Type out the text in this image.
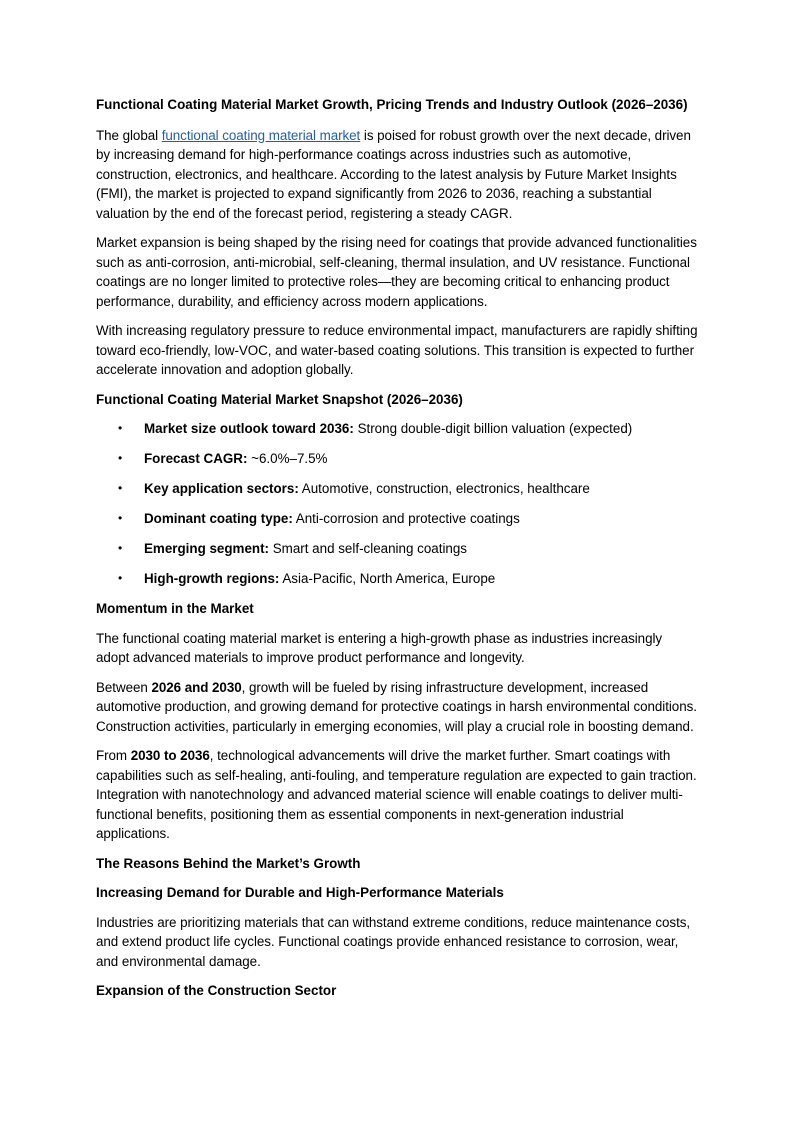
Functional Coating Material Market Growth, Pricing Trends and Industry Outlook (2026–2036)

The global functional coating material market is poised for robust growth over the next decade, driven by increasing demand for high-performance coatings across industries such as automotive, construction, electronics, and healthcare. According to the latest analysis by Future Market Insights (FMI), the market is projected to expand significantly from 2026 to 2036, reaching a substantial valuation by the end of the forecast period, registering a steady CAGR.

Market expansion is being shaped by the rising need for coatings that provide advanced functionalities such as anti-corrosion, anti-microbial, self-cleaning, thermal insulation, and UV resistance. Functional coatings are no longer limited to protective roles—they are becoming critical to enhancing product performance, durability, and efficiency across modern applications.

With increasing regulatory pressure to reduce environmental impact, manufacturers are rapidly shifting toward eco-friendly, low-VOC, and water-based coating solutions. This transition is expected to further accelerate innovation and adoption globally.

Functional Coating Material Market Snapshot (2026–2036)

• Market size outlook toward 2036: Strong double-digit billion valuation (expected)
• Forecast CAGR: ~6.0%–7.5%
• Key application sectors: Automotive, construction, electronics, healthcare
• Dominant coating type: Anti-corrosion and protective coatings
• Emerging segment: Smart and self-cleaning coatings
• High-growth regions: Asia-Pacific, North America, Europe

Momentum in the Market

The functional coating material market is entering a high-growth phase as industries increasingly adopt advanced materials to improve product performance and longevity.

Between 2026 and 2030, growth will be fueled by rising infrastructure development, increased automotive production, and growing demand for protective coatings in harsh environmental conditions. Construction activities, particularly in emerging economies, will play a crucial role in boosting demand.

From 2030 to 2036, technological advancements will drive the market further. Smart coatings with capabilities such as self-healing, anti-fouling, and temperature regulation are expected to gain traction. Integration with nanotechnology and advanced material science will enable coatings to deliver multi-functional benefits, positioning them as essential components in next-generation industrial applications.

The Reasons Behind the Market’s Growth

Increasing Demand for Durable and High-Performance Materials

Industries are prioritizing materials that can withstand extreme conditions, reduce maintenance costs, and extend product life cycles. Functional coatings provide enhanced resistance to corrosion, wear, and environmental damage.

Expansion of the Construction Sector
